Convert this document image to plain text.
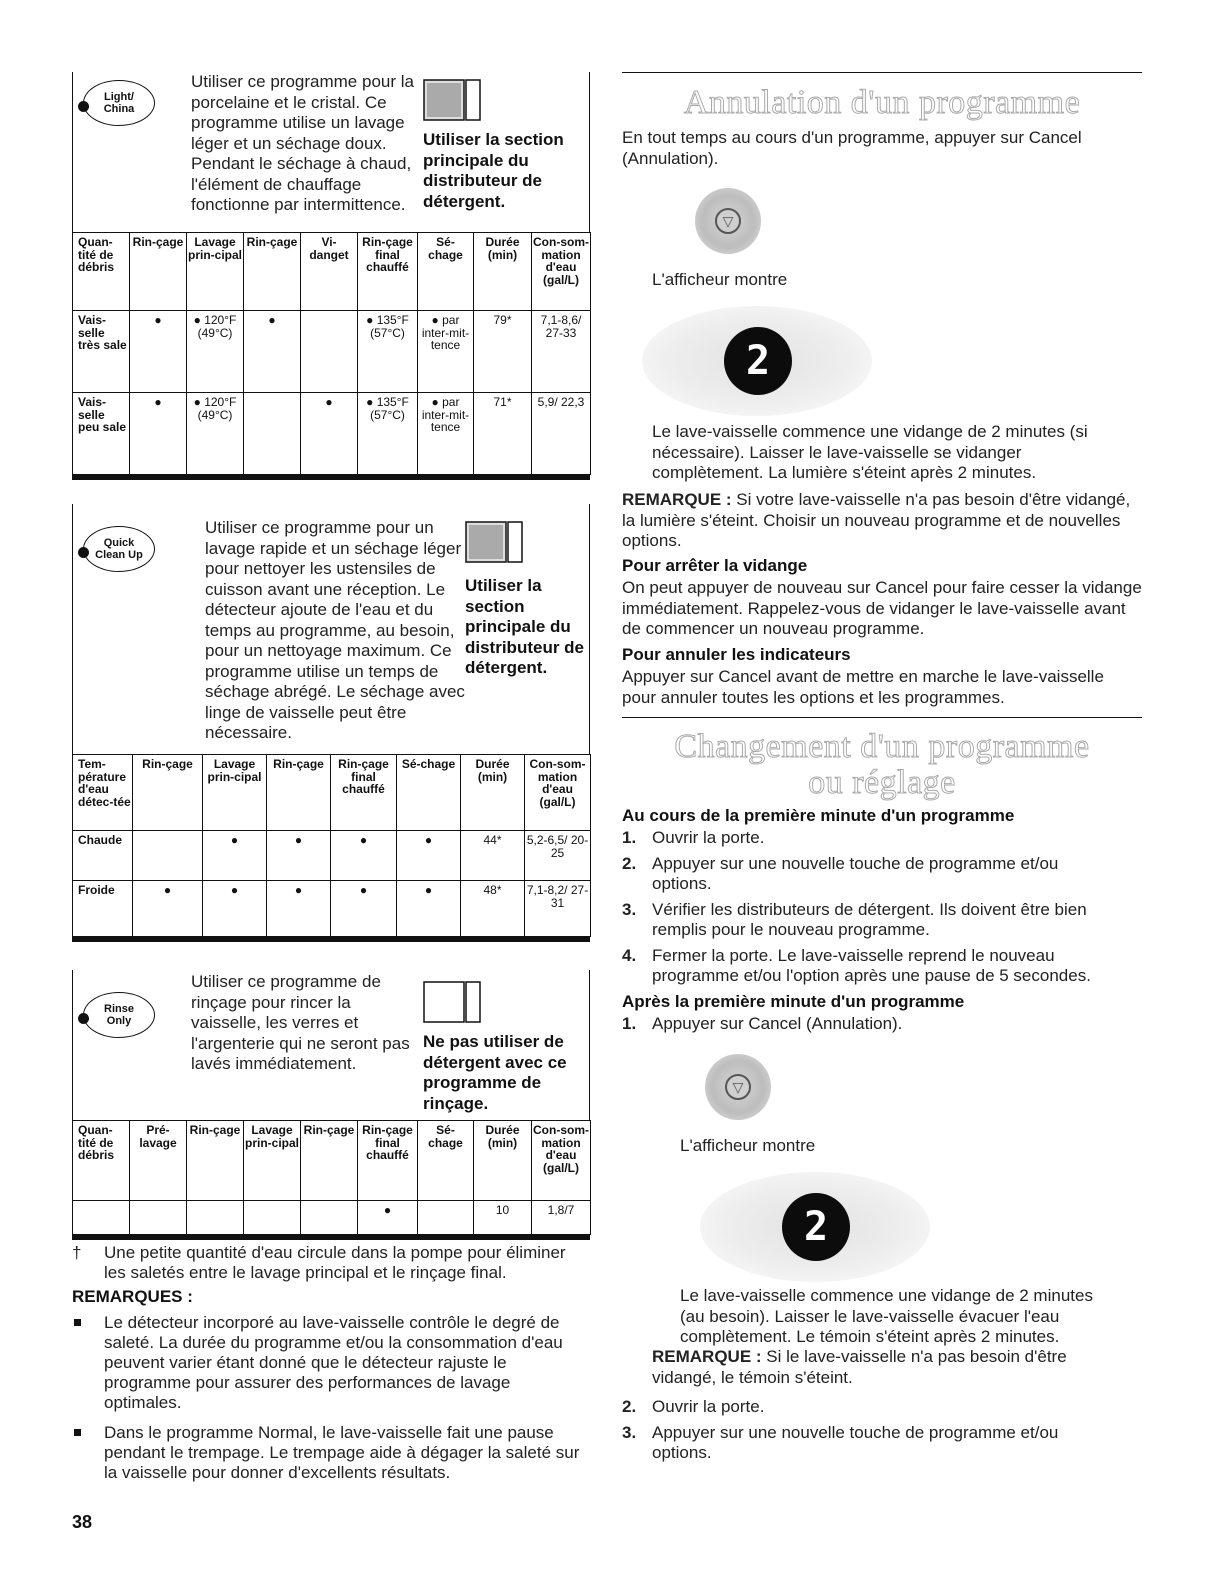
Light/
China
Utiliser ce programme pour la porcelaine et le cristal. Ce programme utilise un lavage léger et un séchage doux. Pendant le séchage à chaud, l'élément de chauffage fonctionne par intermittence.
Utiliser la section principale du distributeur de détergent.
Quan-tité de débris	Rin-çage	Lavage prin-cipal	Rin-çage	Vi-danget	Rin-çage final chauffé	Sé-chage	Durée (min)	Con-som-mation d'eau (gal/L)
Vais-selle très sale	●	● 120°F (49°C)	●		● 135°F (57°C)	● par inter-mit-tence	79*	7,1-8,6/ 27-33
Vais-selle peu sale	●	● 120°F (49°C)		●	● 135°F (57°C)	● par inter-mit-tence	71*	5,9/ 22,3
Quick
Clean Up
Utiliser ce programme pour un lavage rapide et un séchage léger pour nettoyer les ustensiles de cuisson avant une réception. Le détecteur ajoute de l'eau et du temps au programme, au besoin, pour un nettoyage maximum. Ce programme utilise un temps de séchage abrégé. Le séchage avec linge de vaisselle peut être nécessaire.
Utiliser la section principale du distributeur de détergent.
Tem-pérature d'eau détec-tée	Rin-çage	Lavage prin-cipal	Rin-çage	Rin-çage final chauffé	Sé-chage	Durée (min)	Con-som-mation d'eau (gal/L)
Chaude		●	●	●	●	44*	5,2-6,5/ 20-25
Froide	●	●	●	●	●	48*	7,1-8,2/ 27-31
Rinse
Only
Utiliser ce programme de rinçage pour rincer la vaisselle, les verres et l'argenterie qui ne seront pas lavés immédiatement.
Ne pas utiliser de détergent avec ce programme de rinçage.
Quan-tité de débris	Pré-lavage	Rin-çage	Lavage prin-cipal	Rin-çage	Rin-çage final chauffé	Sé-chage	Durée (min)	Con-som-mation d'eau (gal/L)
					●		10	1,8/7
†	Une petite quantité d'eau circule dans la pompe pour éliminer les saletés entre le lavage principal et le rinçage final.
REMARQUES :
Le détecteur incorporé au lave-vaisselle contrôle le degré de saleté. La durée du programme et/ou la consommation d'eau peuvent varier étant donné que le détecteur rajuste le programme pour assurer des performances de lavage optimales.
Dans le programme Normal, le lave-vaisselle fait une pause pendant le trempage. Le trempage aide à dégager la saleté sur la vaisselle pour donner d'excellents résultats.
38
Annulation d'un programme
En tout temps au cours d'un programme, appuyer sur Cancel (Annulation).
▽
L'afficheur montre
2
Le lave-vaisselle commence une vidange de 2 minutes (si nécessaire). Laisser le lave-vaisselle se vidanger complètement. La lumière s'éteint après 2 minutes.
REMARQUE : Si votre lave-vaisselle n'a pas besoin d'être vidangé, la lumière s'éteint. Choisir un nouveau programme et de nouvelles options.
Pour arrêter la vidange
On peut appuyer de nouveau sur Cancel pour faire cesser la vidange immédiatement. Rappelez-vous de vidanger le lave-vaisselle avant de commencer un nouveau programme.
Pour annuler les indicateurs
Appuyer sur Cancel avant de mettre en marche le lave-vaisselle pour annuler toutes les options et les programmes.
Changement d'un programme
ou réglage
Au cours de la première minute d'un programme
1. Ouvrir la porte.
2. Appuyer sur une nouvelle touche de programme et/ou options.
3. Vérifier les distributeurs de détergent. Ils doivent être bien remplis pour le nouveau programme.
4. Fermer la porte. Le lave-vaisselle reprend le nouveau programme et/ou l'option après une pause de 5 secondes.
Après la première minute d'un programme
1. Appuyer sur Cancel (Annulation).
▽
L'afficheur montre
2
Le lave-vaisselle commence une vidange de 2 minutes (au besoin). Laisser le lave-vaisselle évacuer l'eau complètement. Le témoin s'éteint après 2 minutes.
REMARQUE : Si le lave-vaisselle n'a pas besoin d'être vidangé, le témoin s'éteint.
2. Ouvrir la porte.
3. Appuyer sur une nouvelle touche de programme et/ou options.
